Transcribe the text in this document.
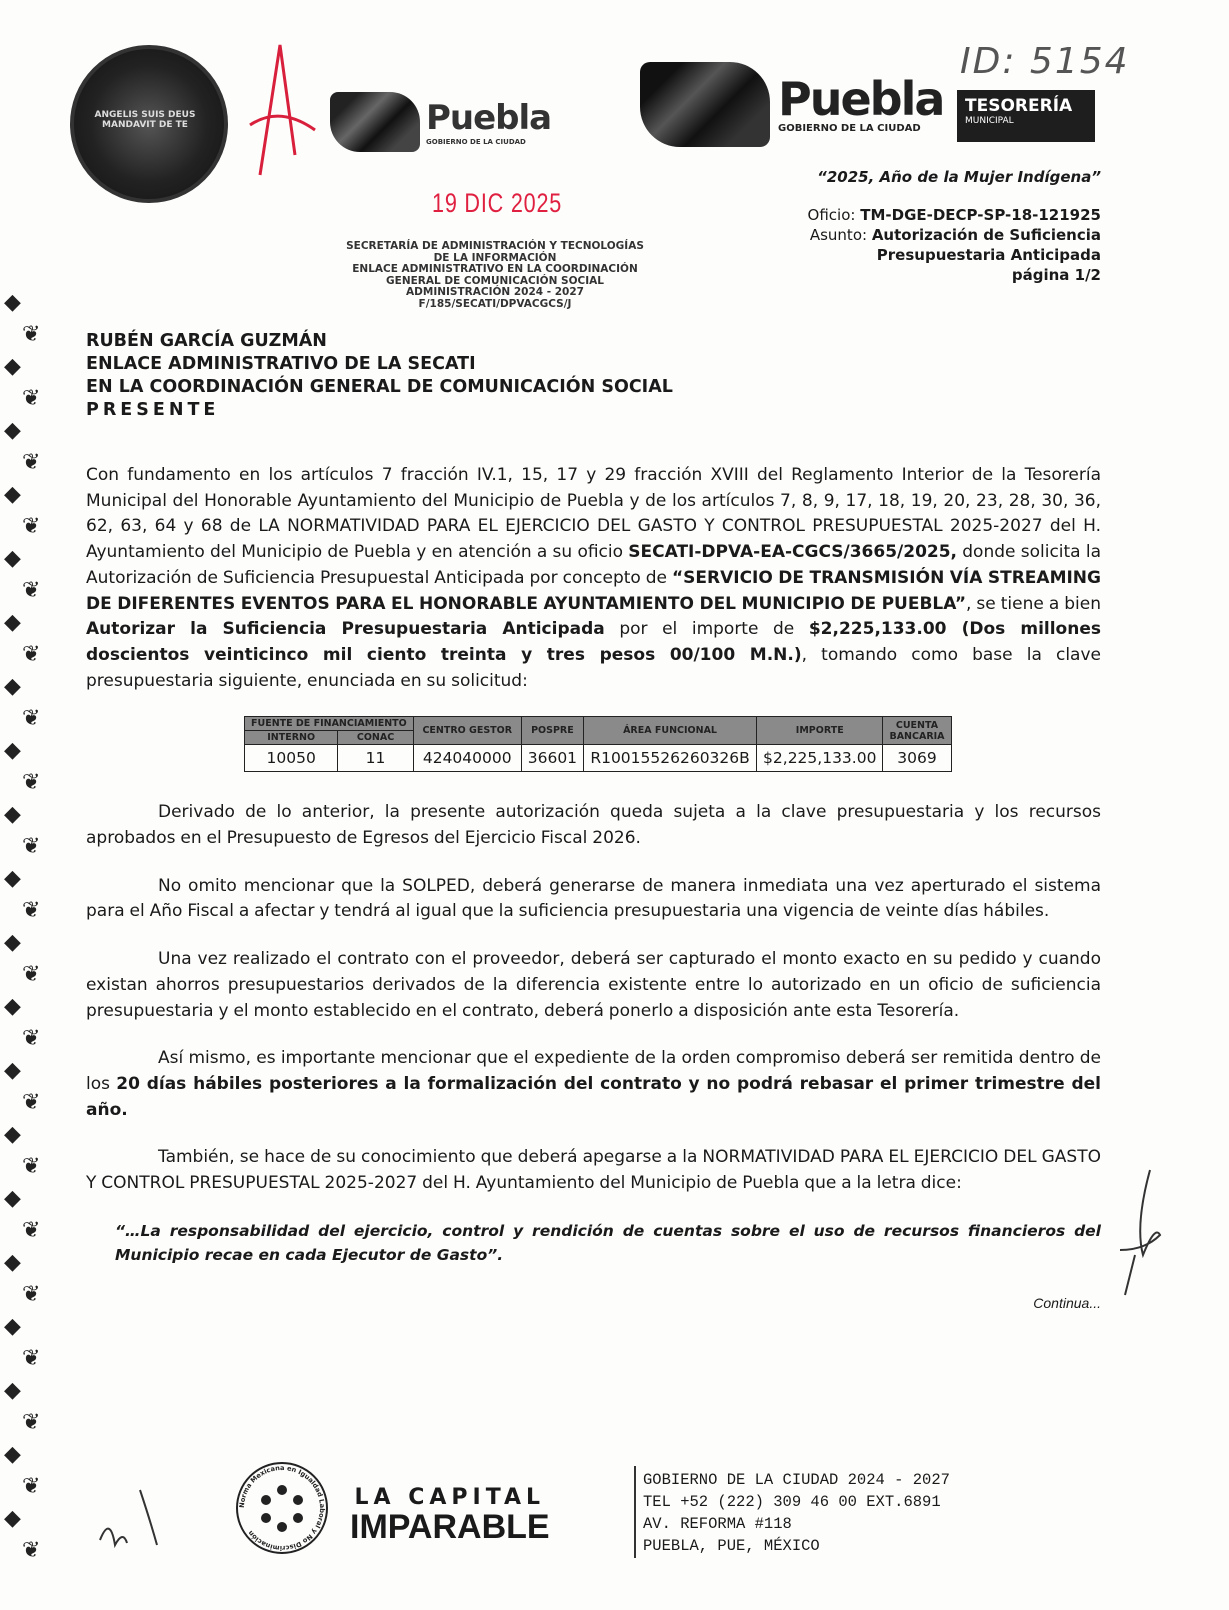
◆
❦
◆
❦
◆
❦
◆
❦
◆
❦
◆
❦
◆
❦
◆
❦
◆
❦
◆
❦
◆
❦
◆
❦
◆
❦
◆
❦
◆
❦
◆
❦
◆
❦
◆
❦
◆
❦
◆
❦
ANGELIS SUIS DEUS MANDAVIT DE TE	Puebla
GOBIERNO DE LA CIUDAD
Puebla
GOBIERNO DE LA CIUDAD
TESORERÍA
MUNICIPAL
ID: 5154
“2025, Año de la Mujer Indígena”
19 DIC 2025
SECRETARÍA DE ADMINISTRACIÓN Y TECNOLOGÍAS
DE LA INFORMACIÓN
ENLACE ADMINISTRATIVO EN LA COORDINACIÓN
GENERAL DE COMUNICACIÓN SOCIAL
ADMINISTRACIÓN 2024 - 2027
F/185/SECATI/DPVACGCS/J
Oficio: TM-DGE-DECP-SP-18-121925
Asunto: Autorización de Suficiencia
Presupuestaria Anticipada
página 1/2
RUBÉN GARCÍA GUZMÁN
ENLACE ADMINISTRATIVO DE LA SECATI
EN LA COORDINACIÓN GENERAL DE COMUNICACIÓN SOCIAL
PRESENTE
Con fundamento en los artículos 7 fracción IV.1, 15, 17 y 29 fracción XVIII del Reglamento Interior de la Tesorería Municipal del Honorable Ayuntamiento del Municipio de Puebla y de los artículos 7, 8, 9, 17, 18, 19, 20, 23, 28, 30, 36, 62, 63, 64 y 68 de LA NORMATIVIDAD PARA EL EJERCICIO DEL GASTO Y CONTROL PRESUPUESTAL 2025-2027 del H. Ayuntamiento del Municipio de Puebla y en atención a su oficio SECATI-DPVA-EA-CGCS/3665/2025, donde solicita la Autorización de Suficiencia Presupuestal Anticipada por concepto de “SERVICIO DE TRANSMISIÓN VÍA STREAMING DE DIFERENTES EVENTOS PARA EL HONORABLE AYUNTAMIENTO DEL MUNICIPIO DE PUEBLA”, se tiene a bien Autorizar la Suficiencia Presupuestaria Anticipada por el importe de $2,225,133.00 (Dos millones doscientos veinticinco mil ciento treinta y tres pesos 00/100 M.N.), tomando como base la clave presupuestaria siguiente, enunciada en su solicitud:
FUENTE DE FINANCIAMIENTO		CENTRO GESTOR	POSPRE	ÁREA FUNCIONAL	IMPORTE	CUENTA BANCARIA
INTERNO	CONAC					
10050	11	424040000	36601	R10015526260326B	$2,225,133.00	3069
Derivado de lo anterior, la presente autorización queda sujeta a la clave presupuestaria y los recursos aprobados en el Presupuesto de Egresos del Ejercicio Fiscal 2026.
No omito mencionar que la SOLPED, deberá generarse de manera inmediata una vez aperturado el sistema para el Año Fiscal a afectar y tendrá al igual que la suficiencia presupuestaria una vigencia de veinte días hábiles.
Una vez realizado el contrato con el proveedor, deberá ser capturado el monto exacto en su pedido y cuando existan ahorros presupuestarios derivados de la diferencia existente entre lo autorizado en un oficio de suficiencia presupuestaria y el monto establecido en el contrato, deberá ponerlo a disposición ante esta Tesorería.
Así mismo, es importante mencionar que el expediente de la orden compromiso deberá ser remitida dentro de los 20 días hábiles posteriores a la formalización del contrato y no podrá rebasar el primer trimestre del año.
También, se hace de su conocimiento que deberá apegarse a la NORMATIVIDAD PARA EL EJERCICIO DEL GASTO Y CONTROL PRESUPUESTAL 2025-2027 del H. Ayuntamiento del Municipio de Puebla que a la letra dice:
“…La responsabilidad del ejercicio, control y rendición de cuentas sobre el uso de recursos financieros del Municipio recae en cada Ejecutor de Gasto”.
Continua...
Norma Mexicana en Igualdad Laboral y No Discriminación
LA CAPITAL
IMPARABLE
GOBIERNO DE LA CIUDAD 2024 - 2027
TEL +52 (222) 309 46 00 EXT.6891
AV. REFORMA #118
PUEBLA, PUE, MÉXICO
